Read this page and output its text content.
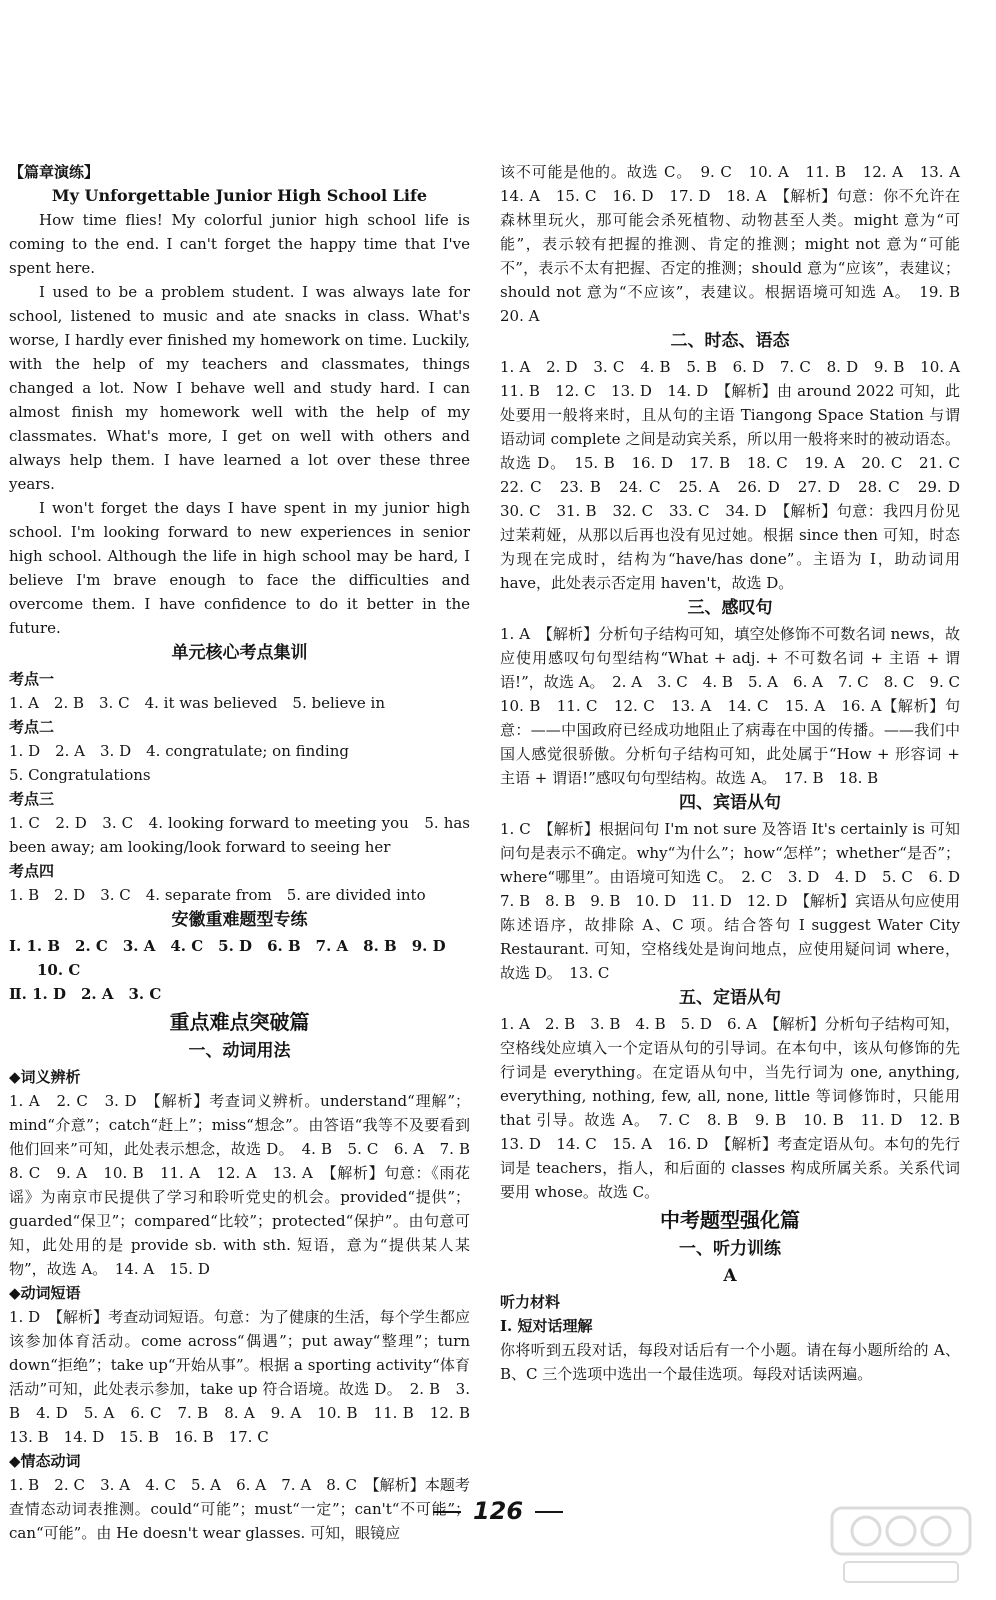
【篇章演练】

My Unforgettable Junior High School Life

How time flies! My colorful junior high school life is coming to the end. I can't forget the happy time that I've spent here.

I used to be a problem student. I was always late for school, listened to music and ate snacks in class. What's worse, I hardly ever finished my homework on time. Luckily, with the help of my teachers and classmates, things changed a lot. Now I behave well and study hard. I can almost finish my homework well with the help of my classmates. What's more, I get on well with others and always help them. I have learned a lot over these three years.

I won't forget the days I have spent in my junior high school. I'm looking forward to new experiences in senior high school. Although the life in high school may be hard, I believe I'm brave enough to face the difficulties and overcome them. I have confidence to do it better in the future.

单元核心考点集训

考点一

1. A　2. B　3. C　4. it was believed　5. believe in

考点二

1. D　2. A　3. D　4. congratulate; on finding

5. Congratulations

考点三

1. C　2. D　3. C　4. looking forward to meeting you　5. has been away; am looking/look forward to seeing her

考点四

1. B　2. D　3. C　4. separate from　5. are divided into

安徽重难题型专练

Ⅰ. 1. B　2. C　3. A　4. C　5. D　6. B　7. A　8. B　9. D

10. C

Ⅱ. 1. D　2. A　3. C

重点难点突破篇

一、动词用法

◆词义辨析

1. A　2. C　3. D　【解析】考查词义辨析。understand“理解”；mind“介意”；catch“赶上”；miss“想念”。由答语“我等不及要看到他们回来”可知，此处表示想念，故选 D。　4. B　5. C　6. A　7. B　8. C　9. A　10. B　11. A　12. A　13. A　【解析】句意：《雨花谣》为南京市民提供了学习和聆听党史的机会。provided“提供”；guarded“保卫”；compared“比较”；protected“保护”。由句意可知，此处用的是 provide sb. with sth. 短语，意为“提供某人某物”，故选 A。　14. A　15. D

◆动词短语

1. D　【解析】考查动词短语。句意：为了健康的生活，每个学生都应该参加体育活动。come across“偶遇”；put away“整理”；turn down“拒绝”；take up“开始从事”。根据 a sporting activity“体育活动”可知，此处表示参加，take up 符合语境。故选 D。　2. B　3. B　4. D　5. A　6. C　7. B　8. A　9. A　10. B　11. B　12. B　13. B　14. D　15. B　16. B　17. C

◆情态动词

1. B　2. C　3. A　4. C　5. A　6. A　7. A　8. C　【解析】本题考查情态动词表推测。could“可能”；must“一定”；can't“不可能”；can“可能”。由 He doesn't wear glasses. 可知，眼镜应

该不可能是他的。故选 C。　9. C　10. A　11. B　12. A　13. A　14. A　15. C　16. D　17. D　18. A　【解析】句意：你不允许在森林里玩火，那可能会杀死植物、动物甚至人类。might 意为“可能”，表示较有把握的推测、肯定的推测；might not 意为“可能不”，表示不太有把握、否定的推测；should 意为“应该”，表建议；should not 意为“不应该”，表建议。根据语境可知选 A。　19. B　20. A

二、时态、语态

1. A　2. D　3. C　4. B　5. B　6. D　7. C　8. D　9. B　10. A　11. B　12. C　13. D　14. D　【解析】由 around 2022 可知，此处要用一般将来时，且从句的主语 Tiangong Space Station 与谓语动词 complete 之间是动宾关系，所以用一般将来时的被动语态。故选 D。　15. B　16. D　17. B　18. C　19. A　20. C　21. C　22. C　23. B　24. C　25. A　26. D　27. D　28. C　29. D　30. C　31. B　32. C　33. C　34. D　【解析】句意：我四月份见过茉莉娅，从那以后再也没有见过她。根据 since then 可知，时态为现在完成时，结构为“have/has done”。主语为 I，助动词用 have，此处表示否定用 haven't，故选 D。

三、感叹句

1. A　【解析】分析句子结构可知，填空处修饰不可数名词 news，故应使用感叹句句型结构“What + adj. + 不可数名词 + 主语 + 谓语!”，故选 A。　2. A　3. C　4. B　5. A　6. A　7. C　8. C　9. C　10. B　11. C　12. C　13. A　14. C　15. A　16. A【解析】句意：——中国政府已经成功地阻止了病毒在中国的传播。——我们中国人感觉很骄傲。分析句子结构可知，此处属于“How + 形容词 + 主语 + 谓语!”感叹句句型结构。故选 A。　17. B　18. B

四、宾语从句

1. C　【解析】根据问句 I'm not sure 及答语 It's certainly is 可知问句是表示不确定。why“为什么”；how“怎样”；whether“是否”；where“哪里”。由语境可知选 C。　2. C　3. D　4. D　5. C　6. D　7. B　8. B　9. B　10. D　11. D　12. D　【解析】宾语从句应使用陈述语序，故排除 A、C 项。结合答句 I suggest Water City Restaurant. 可知，空格线处是询问地点，应使用疑问词 where，故选 D。　13. C

五、定语从句

1. A　2. B　3. B　4. B　5. D　6. A　【解析】分析句子结构可知，空格线处应填入一个定语从句的引导词。在本句中，该从句修饰的先行词是 everything。在定语从句中，当先行词为 one, anything, everything, nothing, few, all, none, little 等词修饰时，只能用 that 引导。故选 A。　7. C　8. B　9. B　10. B　11. D　12. B　13. D　14. C　15. A　16. D　【解析】考查定语从句。本句的先行词是 teachers，指人，和后面的 classes 构成所属关系。关系代词要用 whose。故选 C。

中考题型强化篇

一、听力训练

A

听力材料

Ⅰ. 短对话理解

你将听到五段对话，每段对话后有一个小题。请在每小题所给的 A、B、C 三个选项中选出一个最佳选项。每段对话读两遍。

126
